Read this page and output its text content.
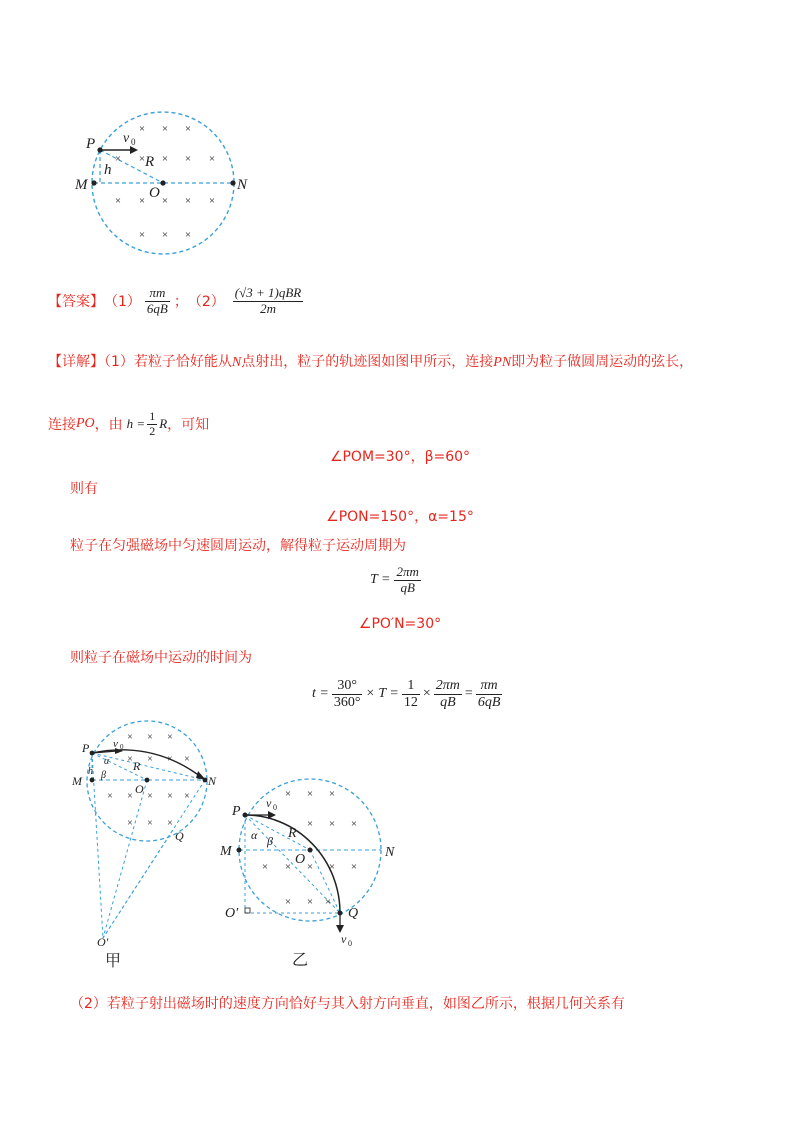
× × ×
× × × × ×
× × × × ×
× × ×
P v 0
h R
M	O	N
【答案】 $(1) \frac{\pi m}{6qB}$ ； $(2) \frac{\text{(√3 + 1)qBR}}{2m}$
【详解】（1）若粒子恰好能从N点射出，粒子的轨迹图如图甲所示，连接PN即为粒子做圆周运动的弦长，
连接 PO ，由 $h = \frac{1}{2}$ R ，可知
∠POM=30°，β=60°
则有
∠PON=150°，α=15°
粒子在匀强磁场中匀速圆周运动，解得粒子运动周期为
$T = \frac{2\pi m}{qB}$
∠PO′N=30°
则粒子在磁场中运动的时间为
$t = \frac{30^\circ}{360^\circ} \times T = \frac{1}{12} \times \frac{2\pi m}{qB} = \frac{\pi m}{6qB}$
× × ×
× × × ×
× × × × ×
× × ×
P v 0
h
α
β
R
M
O
N
Q
O′
甲
× × ×
× × ×
× × × × ×
× × ×
P
v 0
α β R
M
O	N
Q
O′
v 0
乙
（2）若粒子射出磁场时的速度方向恰好与其入射方向垂直，如图乙所示，根据几何关系有
